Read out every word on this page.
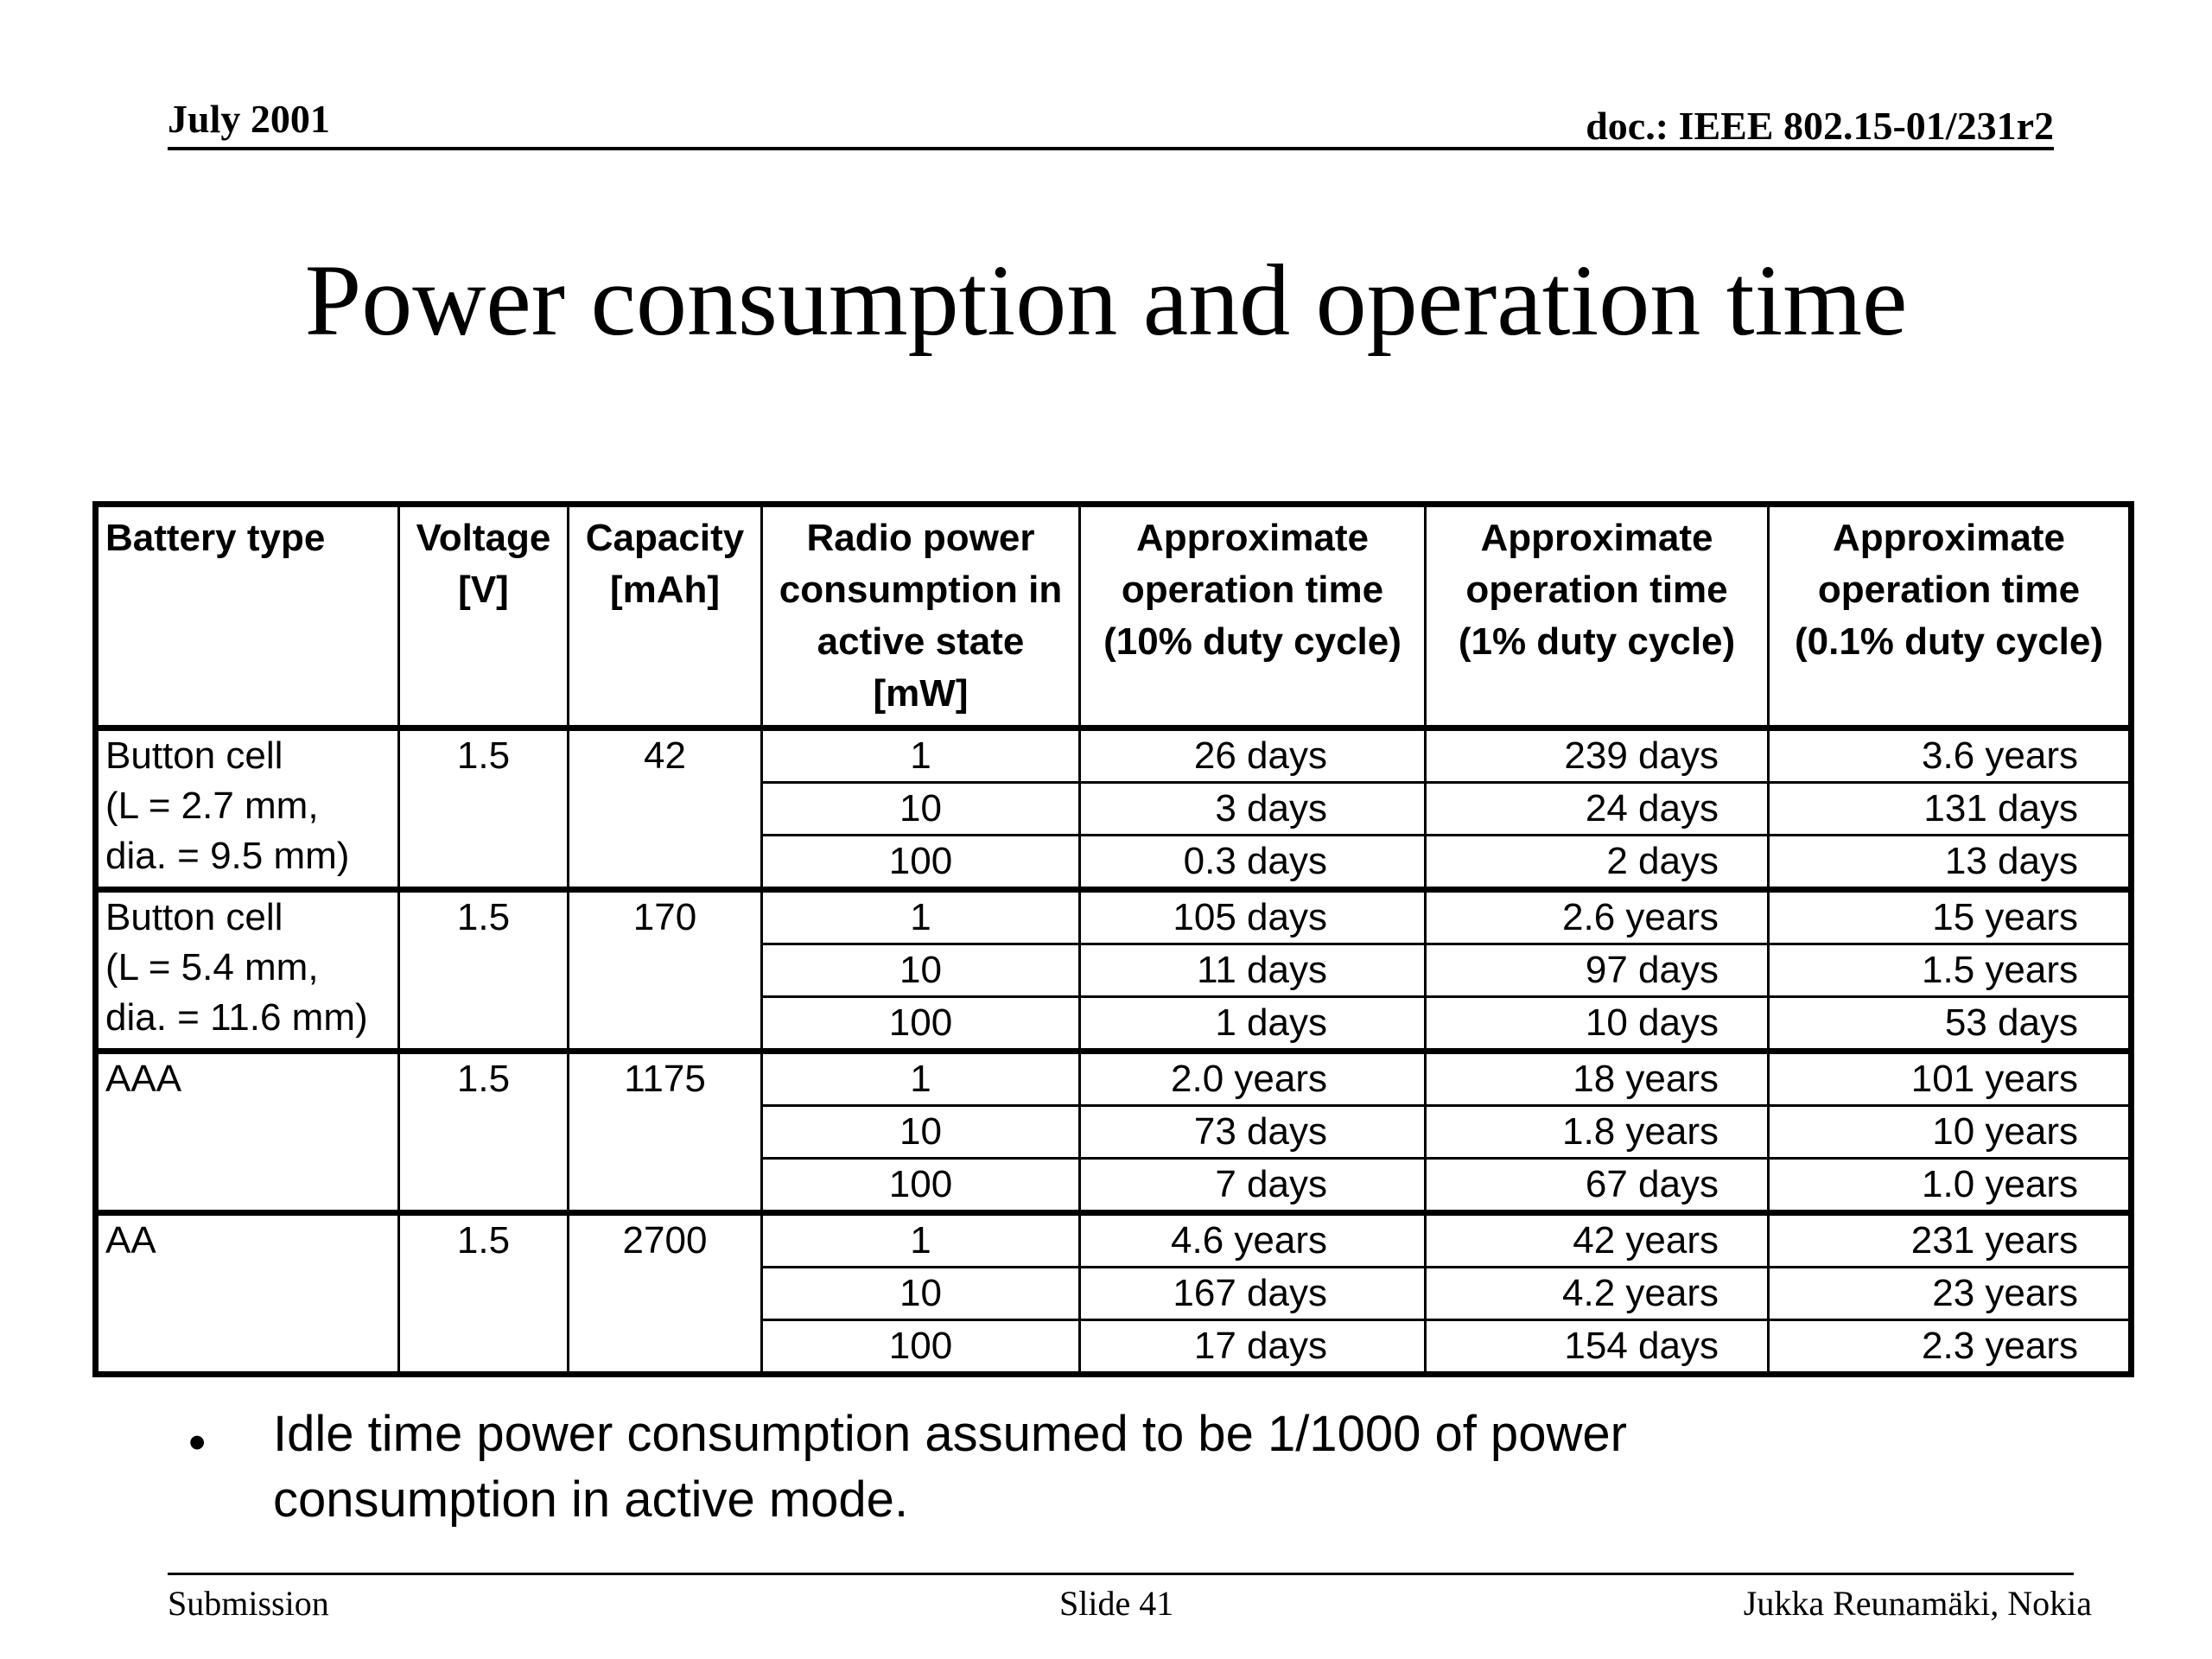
July 2001	doc.: IEEE 802.15-01/231r2
Power consumption and operation time
Battery type	Voltage [V]	Capacity [mAh]	Radio power consumption in active state [mW]	Approximate operation time (10% duty cycle)	Approximate operation time (1% duty cycle)	Approximate operation time (0.1% duty cycle)

Button cell
(L = 2.7 mm,
dia. = 9.5 mm)	1.5	42	1	26 days	239 days	3.6 years
			10	3 days	24 days	131 days
			100	0.3 days	2 days	13 days

Button cell
(L = 5.4 mm,
dia. = 11.6 mm)	1.5	170	1	105 days	2.6 years	15 years
			10	11 days	97 days	1.5 years
			100	1 days	10 days	53 days

AAA	1.5	1175	1	2.0 years	18 years	101 years
			10	73 days	1.8 years	10 years
			100	7 days	67 days	1.0 years

AA	1.5	2700	1	4.6 years	42 years	231 years
			10	167 days	4.2 years	23 years
			100	17 days	154 days	2.3 years
• Idle time power consumption assumed to be 1/1000 of power consumption in active mode.
Submission	Slide 41	Jukka Reunamäki, Nokia
